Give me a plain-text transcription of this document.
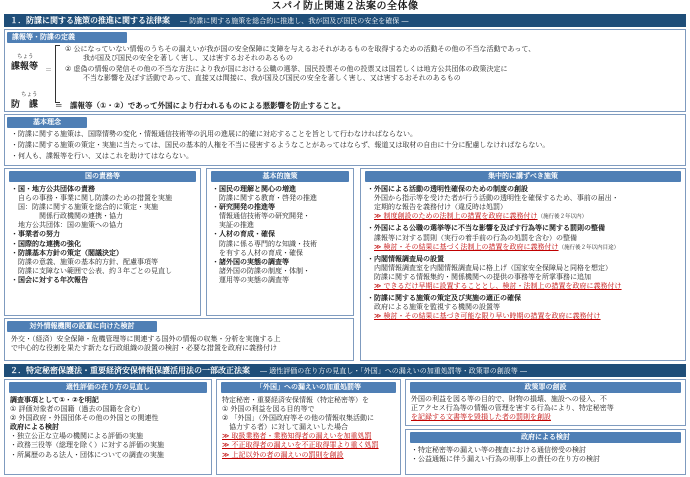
スパイ防止関連２法案の全体像
１．防諜に関する施策の推進に関する法律案 ― 防諜に関する施策を総合的に推進し、我が国及び国民の安全を確保 ―
諜報等・防諜の定義
ちょう
諜報等 ＝
① 公になっていない情報のうちその漏えいが我が国の安全保障に支障を与えるおそれがあるものを取得するための活動その他の不当な活動であって、
我が国及び国民の安全を著しく害し、又は害するおそれのあるもの
② 虚偽の情報の発信その他の不当な方法により我が国における公職の選挙、国民投票その他の投票又は国若しくは地方公共団体の政策決定に
不当な影響を及ぼす活動であって、直接又は間接に、我が国及び国民の安全を著しく害し、又は害するおそれのあるもの
ちょう
防　諜 ＝　諜報等（①・②）であって外国により行われるものによる悪影響を防止すること。
基本理念
・防諜に関する施策は、国際情勢の変化・情報通信技術等の汎用の進展に的確に対応することを旨として行わなければならない。
・防諜に関する施策の策定・実施に当たっては、国民の基本的人権を不当に侵害するようなことがあってはならず、報道又は取材の自由に十分に配慮しなければならない。
・何人も、諜報等を行い、又はこれを助けてはならない。
国の責務等
・国・地方公共団体の責務
自らの事務・事業に関し防諜のための措置を実施
国：防諜に関する施策を総合的に策定・実施
関係行政機関の連携・協力
地方公共団体：国の施策への協力
・事業者の努力
・国際的な連携の強化
・防諜基本方針の策定（閣議決定）
防諜の意義、施策の基本的方針、配慮事項等
防諜に支障ない範囲で公表、約３年ごとの見直し
・国会に対する年次報告
基本的施策
・国民の理解と関心の増進
防諜に関する教育・啓発の推進
・研究開発の推進等
情報通信技術等の研究開発・
実証の推進
・人材の育成・確保
防諜に係る専門的な知識・技術
を有する人材の育成・確保
・諸外国の実態の調査等
諸外国の防諜の制度・体制・
運用等の実態の調査等
集中的に講ずべき施策
・外国による活動の透明性確保のための制度の創設
外国から指示等を受けた者が行う活動の透明性を確保するため、事前の届出・
定期的な報告を義務付け（違反時は処罰）
≫ 制度創設のための法制上の措置を政府に義務付け（施行後２年以内）
・外国による公職の選挙等に不当な影響を及ぼす行為等に関する罰則の整備
諜報等に対する罰則（実行の着手前の行為の処罰を含む）の整備
≫ 検討・その結果に基づく法制上の措置を政府に義務付け（施行後２年以内目途）
・内閣情報調査局の設置
内閣情報調査室を内閣情報調査局に格上げ（国家安全保障局と同格を想定）
防諜に関する情報集約・関係機関への提供の事務等を所掌事務に追加
≫ できるだけ早期に設置することとし、検討・法制上の措置を政府に義務付け
・防諜に関する施策の策定及び実施の適正の確保
政府による施策を監視する機関の設置等
≫ 検討・その結果に基づき可能な限り早い時期の措置を政府に義務付け
対外情報機関の設置に向けた検討
外交・（経済）安全保障・危機管理等に関連する国外の情報の収集・分析を実施する上
で中心的な役割を果たす新たな行政組織の設置の検討・必要な措置を政府に義務付け
２．特定秘密保護法・重要経済安保情報保護活用法の一部改正法案 ― 適性評価の在り方の見直し・「外国」への漏えいの加重処罰等・政策罪の創設等 ―
適性評価の在り方の見直し
調査事項として①・②を明記
① 評価対象者の国籍（過去の国籍を含む）
② 外国政府・外国団体その他の外国との関連性
政府による検討
・独立公正な立場の機関による評価の実施
・政務三役等（総理を除く）に対する評価の実施
・所属歴のある法人・団体についての調査の実施
「外国」への漏えいの加重処罰等
特定秘密・重要経済安保情報（特定秘密等）を
① 外国の利益を図る目的等で
② 「外国」（外国政府等その他の情報収集活動に
協力する者）に対して漏えいした場合
≫ 取扱業務者・業務知得者の漏えいを加重処罰
≫ 不正取得者の漏えいを不正取得罪より重く処罰
≫ 上記以外の者の漏えいの罰則を創設
政策罪の創設
外国の利益を図る等の目的で、財物の損壊、施設への侵入、不
正アクセス行為等の情報の管理を害する行為により、特定秘密等
を記録する文書等を毀損した者の罰則を創設
政府による検討
・特定秘密等の漏えい等の捜査における通信傍受の検討
・公益通報に伴う漏えい行為の刑事上の責任の在り方の検討
